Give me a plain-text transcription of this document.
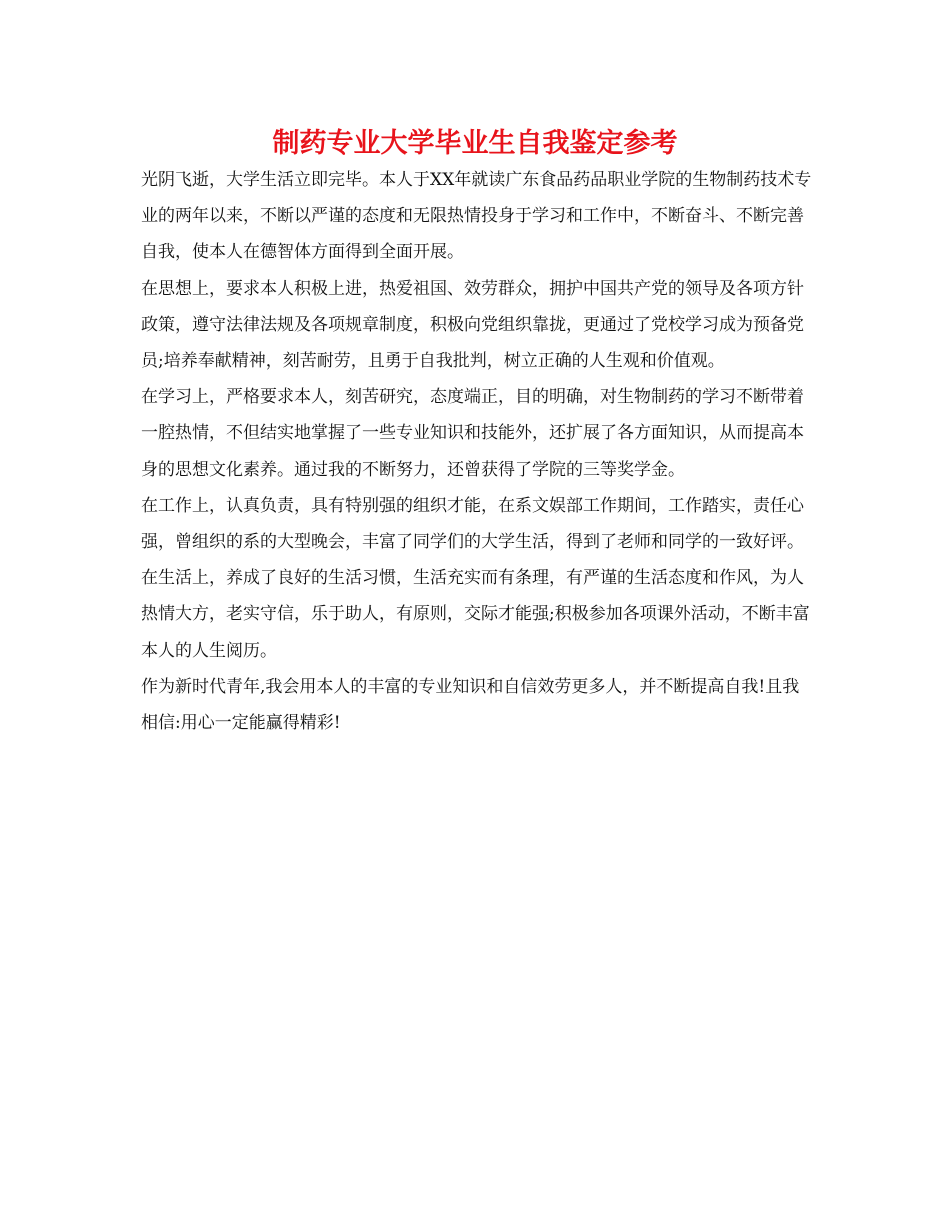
制药专业大学毕业生自我鉴定参考

光阴飞逝，大学生活立即完毕。本人于XX年就读广东食品药品职业学院的生物制药技术专业的两年以来，不断以严谨的态度和无限热情投身于学习和工作中，不断奋斗、不断完善自我，使本人在德智体方面得到全面开展。

在思想上，要求本人积极上进，热爱祖国、效劳群众，拥护中国共产党的领导及各项方针政策，遵守法律法规及各项规章制度，积极向党组织靠拢，更通过了党校学习成为预备党员;培养奉献精神，刻苦耐劳，且勇于自我批判，树立正确的人生观和价值观。

在学习上，严格要求本人，刻苦研究，态度端正，目的明确，对生物制药的学习不断带着一腔热情，不但结实地掌握了一些专业知识和技能外，还扩展了各方面知识，从而提高本身的思想文化素养。通过我的不断努力，还曾获得了学院的三等奖学金。

在工作上，认真负责，具有特别强的组织才能，在系文娱部工作期间，工作踏实，责任心强，曾组织的系的大型晚会，丰富了同学们的大学生活，得到了老师和同学的一致好评。

在生活上，养成了良好的生活习惯，生活充实而有条理，有严谨的生活态度和作风，为人热情大方，老实守信，乐于助人，有原则，交际才能强;积极参加各项课外活动，不断丰富本人的人生阅历。

作为新时代青年,我会用本人的丰富的专业知识和自信效劳更多人，并不断提高自我!且我相信:用心一定能赢得精彩!
